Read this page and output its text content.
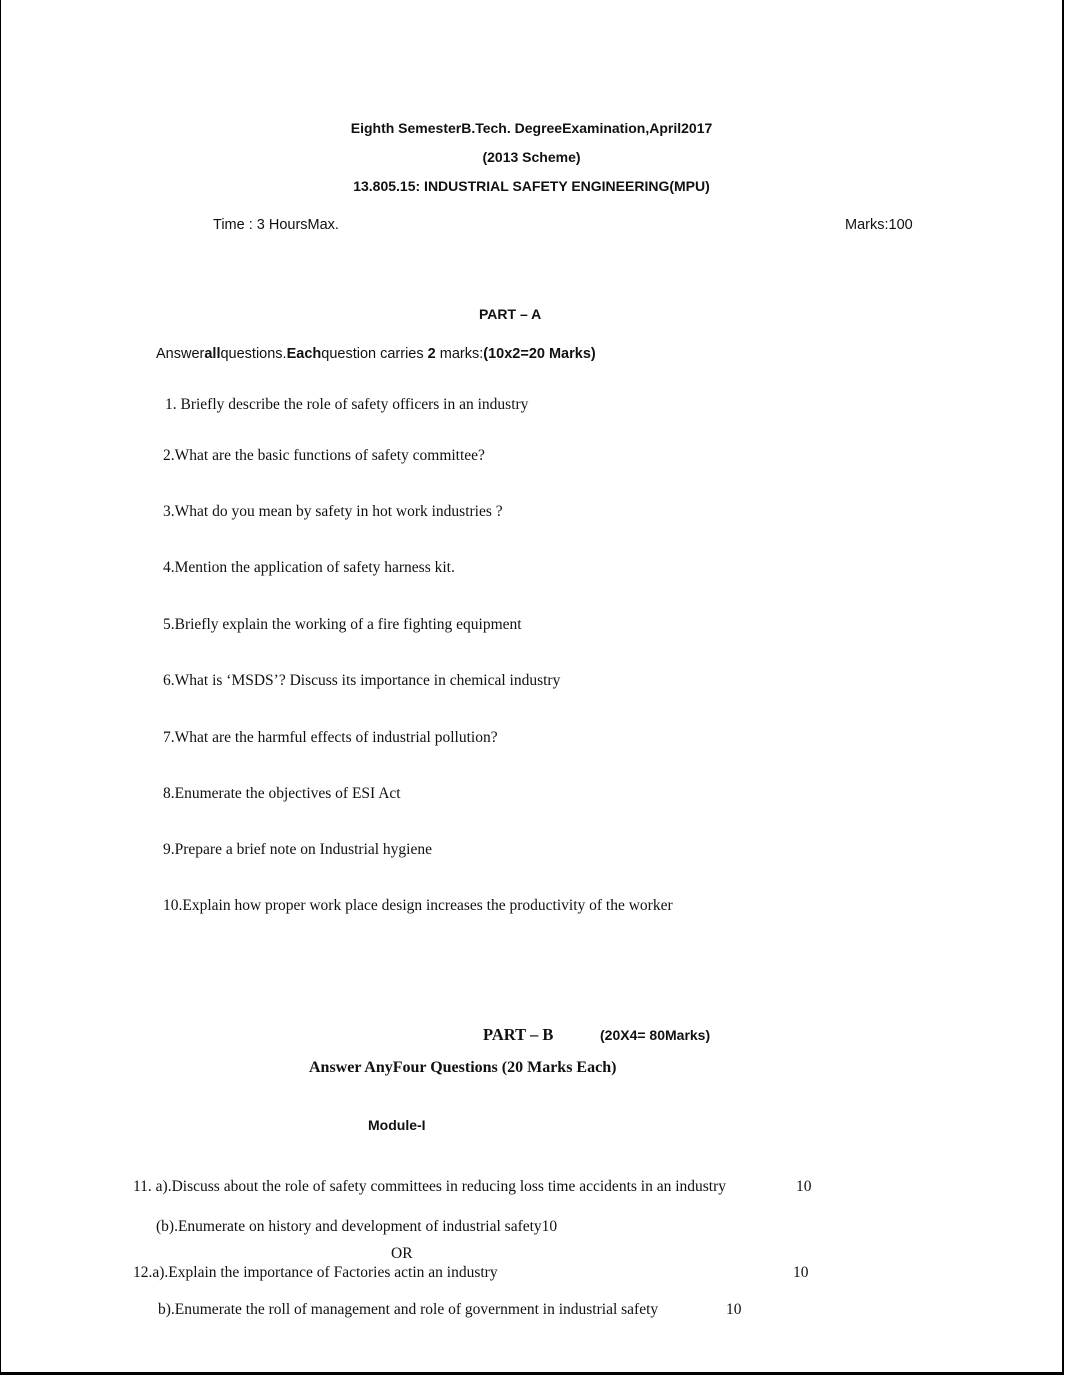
Eighth SemesterB.Tech. DegreeExamination,April2017
(2013 Scheme)
13.805.15: INDUSTRIAL SAFETY ENGINEERING(MPU)
Time : 3 HoursMax.	Marks:100
PART – A
Answerallquestions.Eachquestion carries 2 marks:(10x2=20 Marks)
1. Briefly describe the role of safety officers in an industry
2.What are the basic functions of safety committee?
3.What do you mean by safety in hot work industries ?
4.Mention the application of safety harness kit.
5.Briefly explain the working of a fire fighting equipment
6.What is ‘MSDS’? Discuss its importance in chemical industry
7.What are the harmful effects of industrial pollution?
8.Enumerate the objectives of ESI Act
9.Prepare a brief note on Industrial hygiene
10.Explain how proper work place design increases the productivity of the worker
PART – B	(20X4= 80Marks)
Answer AnyFour Questions (20 Marks Each)
Module-I
11. a).Discuss about the role of safety committees in reducing loss time accidents in an industry	10
(b).Enumerate on history and development of industrial safety10
OR
12.a).Explain the importance of Factories actin an industry	10
b).Enumerate the roll of management and role of government in industrial safety	10
